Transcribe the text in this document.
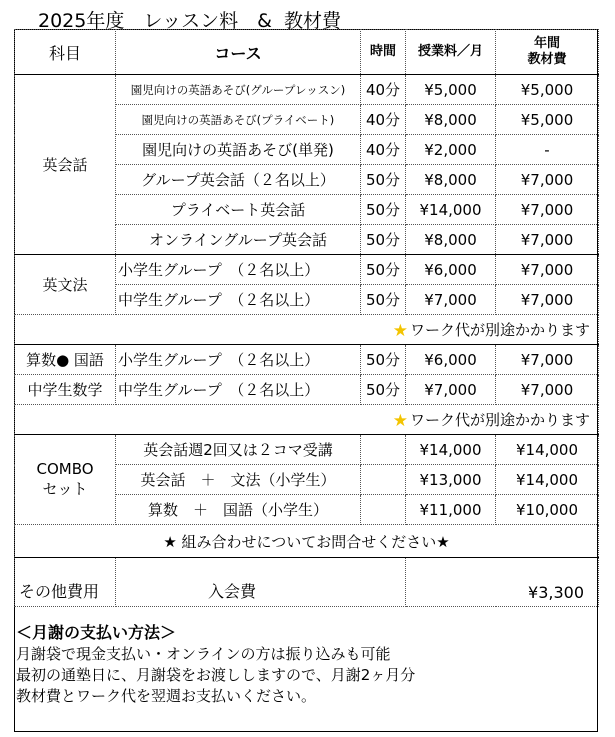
2025年度　レッスン料　&  教材費
科目	コース	時間	授業料／月	年間
教材費
英会話	園児向けの英語あそび(グループレッスン)	40分	¥5,000	¥5,000
	園児向けの英語あそび(プライベート)	40分	¥8,000	¥5,000
	園児向けの英語あそび(単発)	40分	¥2,000	-
	グループ英会話（２名以上）	50分	¥8,000	¥7,000
	プライベート英会話	50分	¥14,000	¥7,000
	オンライングループ英会話	50分	¥8,000	¥7,000
英文法	小学生グループ　（２名以上）	50分	¥6,000	¥7,000
	中学生グループ　（２名以上）	50分	¥7,000	¥7,000
★ ワーク代が別途かかります				
算数● 国語	小学生グループ　（２名以上）	50分	¥6,000	¥7,000
中学生数学	中学生グループ　（２名以上）	50分	¥7,000	¥7,000
★ ワーク代が別途かかります				
COMBO
セット	英会話週2回又は２コマ受講		¥14,000	¥14,000
	英会話　＋　文法（小学生）		¥13,000	¥14,000
	算数　＋　国語（小学生）		¥11,000	¥10,000
★ 組み合わせについてお問合せください★				
その他費用	入会費		¥3,300	
＜月謝の支払い方法＞
月謝袋で現金支払い・オンラインの方は振り込みも可能
最初の通塾日に、月謝袋をお渡ししますので、月謝2ヶ月分
教材費とワーク代を翌週お支払いください。
